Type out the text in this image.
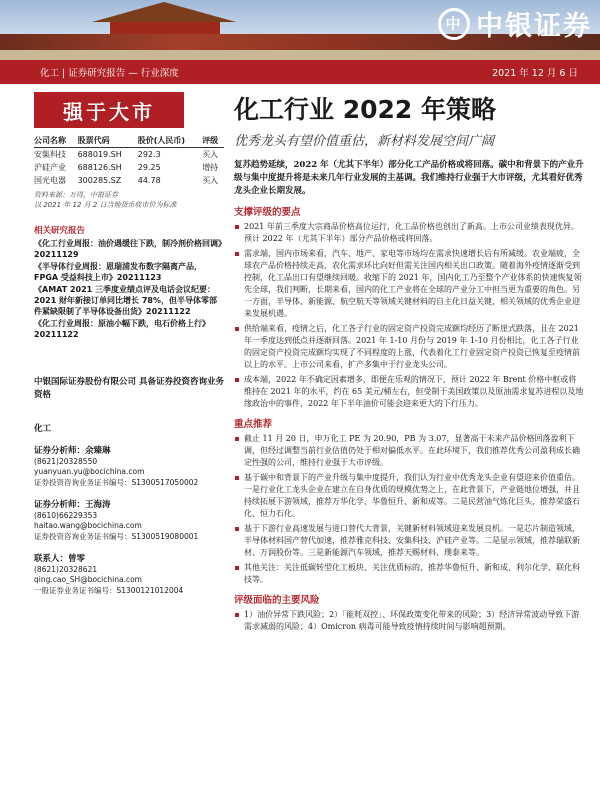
中 中银证券
化工 | 证券研究报告 — 行业深度	2021 年 12 月 6 日
强于大市
公司名称	股票代码	股价(人民币)	评级
安集科技	688019.SH	292.3	买入
沪硅产业	688126.SH	29.25	增持
国光电器	300285.SZ	44.78	买入
资料来源：万得，中银证券
以 2021 年 12 月 2 日当地货币收市价为标准
相关研究报告
《化工行业周报：油价遇缓往下跌，制冷剂价格回调》20211129
《半导体行业周报：恩瑞浦发布数字隔离产品，FPGA 受益科技上市》20211123
《AMAT 2021 三季度业绩点评及电话会议纪要：2021 财年新接订单同比增长 78%，但半导体零部件紧缺限制了半导体设备出货》20211122
《化工行业周报：原油小幅下跌，电石价格上行》20211122
中银国际证券股份有限公司 具备证券投资咨询业务资格
化工
证券分析师：余臻琳
(8621)20328550
yuanyuan.yu@bocichina.com
证券投资咨询业务证书编号：S1300517050002
证券分析师：王海涛
(8610)66229353
haitao.wang@bocichina.com
证券投资咨询业务证书编号：S1300519080001
联系人：曾零
(8621)20328621
qing.cao_SH@bocichina.com
一般证券业务证书编号：S1300121012004
化工行业 2022 年策略
优秀龙头有望价值重估，新材料发展空间广阔
复苏趋势延续，2022 年（尤其下半年）部分化工产品价格或将回落。碳中和背景下的产业升级与集中度提升将是未来几年行业发展的主基调。我们维持行业强于大市评级，尤其看好优秀龙头企业长期发展。
支撑评级的要点
2021 年前三季度大宗商品价格高位运行，化工品价格也创出了新高。上市公司业绩表现优异。预计 2022 年（尤其下半年）部分产品价格或将回落。
需求端，国内市场来看，汽车、地产、家电等市场均在需求快速增长后有所减缓。农业端疲，全球农产品价格持续走高，农化需求环比向好但需关注国内相关出口政策。随着海外疫情逐渐受到控制，化工品出口有望继续回暖。收缩下的 2021 年，国内化工乃至整个产业体系的快速恢复领先全球，我们判断，长期来看，国内的化工产业将在全球的产业分工中担当更为重要的角色。另一方面，半导体、新能源、航空航天等领域关键材料的自主化日益关键，相关领域的优秀企业迎来发展机遇。
供给端来看，疫情之后，化工各子行业的固定资产投资完成额均经历了断崖式跌落，且在 2021 年一季度达到低点并逐渐回落。2021 年 1-10 月份与 2019 年 1-10 月份相比，化工各子行业的固定资产投资完成额均实现了不同程度的上涨，代表着化工行业固定资产投资已恢复至疫情前以上的水平。上市公司来看，扩产多集中于行业龙头公司。
成本端，2022 年不确定因素增多，即便在乐观的情况下，预计 2022 年 Brent 价格中枢或将维持在 2021 年的水平，约在 65 美元/桶左右，但受制于美国政策以及原油需求复苏进程以及地缘政治中的事件，2022 年下半年油价可能会迎来更大的下行压力。
重点推荐
截止 11 月 20 日，申万化工 PE 为 20.90，PB 为 3.07，显著高于未来产品价格回落盈利下调，但经过调整当前行业估值仍处于相对偏低水平。在此环境下，我们推荐优秀公司盈利成长确定性强的公司，维持行业强于大市评级。
基于碳中和背景下的产业升级与集中度提升，我们认为行业中优秀龙头企业有望迎来价值重估。一是行业化工龙头企业在建立在自身优质的规模优势之上，在此背景下，产业链地位增强，并且持续拓展下游领域，推荐万华化学、华鲁恒升、新和成等。二是民营油气炼化巨头，推荐荣盛石化、恒力石化。
基于下游行业高速发展与进口替代大背景，关键新材料领域迎来发展良机。一是芯片制造领域，半导体材料国产替代加速，推荐雅克科技、安集科技、沪硅产业等。二是显示领域，推荐瑞联新材、万润股份等。三是新能源汽车领域，推荐天赐材料、璞泰来等。
其他关注：关注低碳转型化工板块、关注优质标的，推荐华鲁恒升、新和成、利尔化学、联化科技等。
评级面临的主要风险
1）油价异常下跌风险；2）「能耗双控」、环保政策变化带来的风险；3）经济异常波动导致下游需求减弱的风险；4）Omicron 病毒可能导致疫情持续时间与影响超预期。
